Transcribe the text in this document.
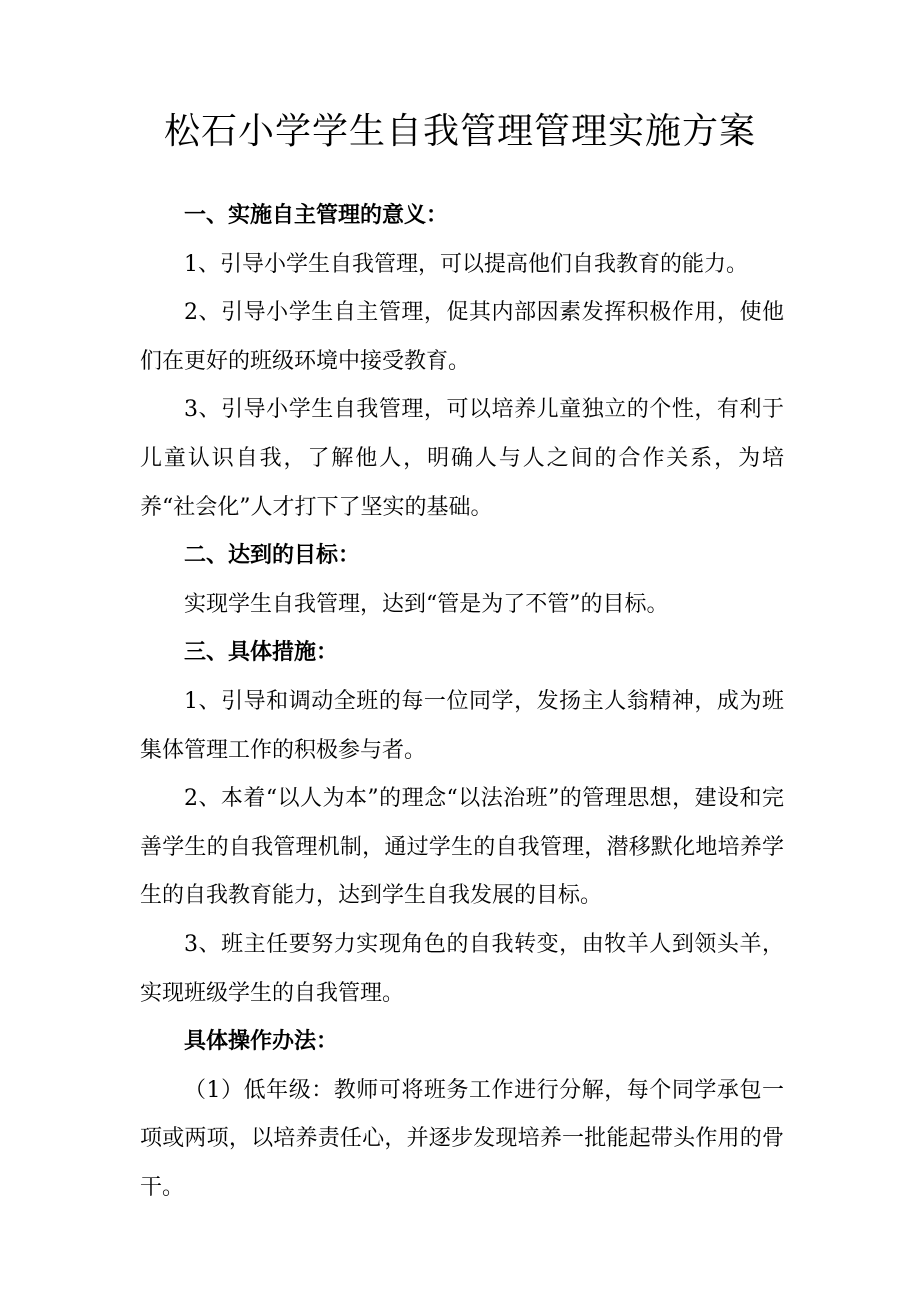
松石小学学生自我管理管理实施方案

一、实施自主管理的意义：

1、引导小学生自我管理，可以提高他们自我教育的能力。

2、引导小学生自主管理，促其内部因素发挥积极作用，使他们在更好的班级环境中接受教育。

3、引导小学生自我管理，可以培养儿童独立的个性，有利于儿童认识自我，了解他人，明确人与人之间的合作关系，为培养“社会化”人才打下了坚实的基础。

二、达到的目标：

实现学生自我管理，达到“管是为了不管”的目标。

三、具体措施：

1、引导和调动全班的每一位同学，发扬主人翁精神，成为班集体管理工作的积极参与者。

2、本着“以人为本”的理念“以法治班”的管理思想，建设和完善学生的自我管理机制，通过学生的自我管理，潜移默化地培养学生的自我教育能力，达到学生自我发展的目标。

3、班主任要努力实现角色的自我转变，由牧羊人到领头羊，实现班级学生的自我管理。

具体操作办法：

（1）低年级：教师可将班务工作进行分解，每个同学承包一项或两项，以培养责任心，并逐步发现培养一批能起带头作用的骨干。
